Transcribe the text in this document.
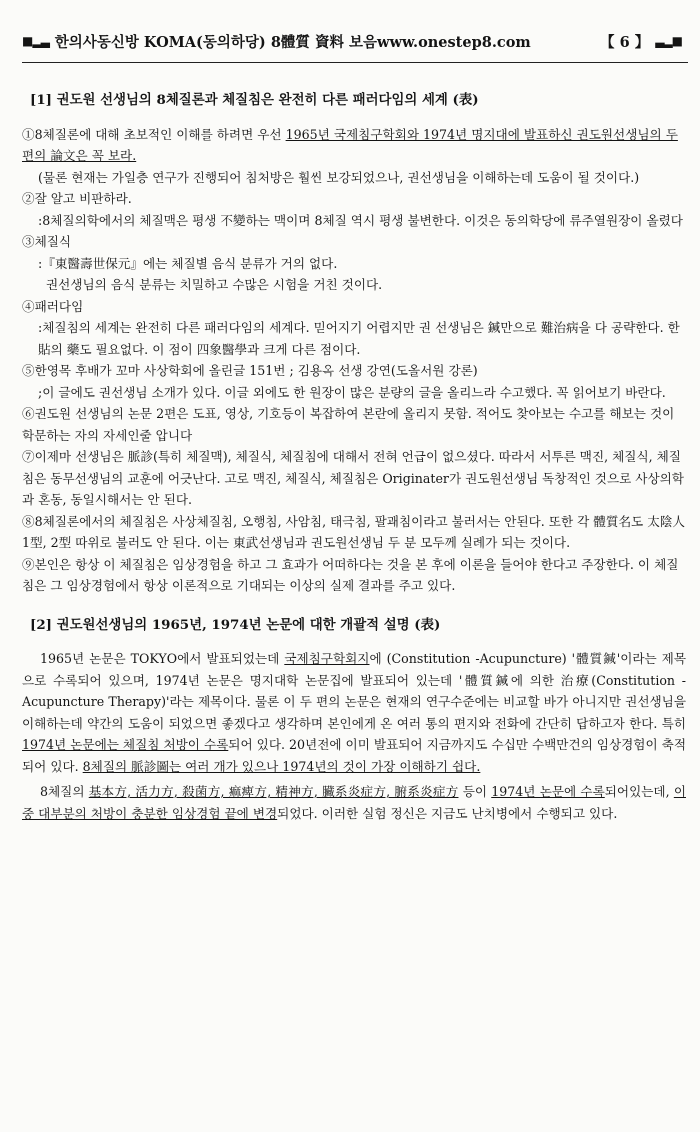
■▂▃ 한의사동신방 KOMA(동의하당) 8體質 資料 보음www.onestep8.com	【 6 】 ▃▂■
[1] 권도원 선생님의 8체질론과 체질침은 완전히 다른 패러다임의 세계 (表)
①8체질론에 대해 초보적인 이해를 하려면 우선 1965년 국제침구학회와 1974년 명지대에 발표하신 권도원선생님의 두 편의 論文은 꼭 보라.
(물론 현재는 가일층 연구가 진행되어 침처방은 훨씬 보강되었으나, 권선생님을 이해하는데 도움이 될 것이다.)
②잘 알고 비판하라.
:8체질의학에서의 체질맥은 평생 不變하는 맥이며 8체질 역시 평생 불변한다. 이것은 동의학당에 류주열원장이 올렸다
③체질식
:『東醫壽世保元』에는 체질별 음식 분류가 거의 없다.
권선생님의 음식 분류는 치밀하고 수많은 시험을 거친 것이다.
④패러다임
:체질침의 세계는 완전히 다른 패러다임의 세계다. 믿어지기 어렵지만 권 선생님은 鍼만으로 難治病을 다 공략한다. 한 貼의 藥도 필요없다. 이 점이 四象醫學과 크게 다른 점이다.
⑤한영목 후배가 꼬마 사상학회에 올린글 151번 ; 김용옥 선생 강연(도올서원 강론)
;이 글에도 권선생님 소개가 있다. 이글 외에도 한 원장이 많은 분량의 글을 올리느라 수고했다. 꼭 읽어보기 바란다.
⑥권도원 선생님의 논문 2편은 도표, 영상, 기호등이 복잡하여 본란에 올리지 못함. 적어도 찾아보는 수고를 해보는 것이 학문하는 자의 자세인줄 압니다
⑦이제마 선생님은 脈診(특히 체질맥), 체질식, 체질침에 대해서 전혀 언급이 없으셨다. 따라서 서투른 맥진, 체질식, 체질침은 동무선생님의 교훈에 어긋난다. 고로 맥진, 체질식, 체질침은 Originater가 권도원선생님 독창적인 것으로 사상의학과 혼동, 동일시해서는 안 된다.
⑧8체질론에서의 체질침은 사상체질침, 오행침, 사암침, 태극침, 팔괘침이라고 불러서는 안된다. 또한 각 體質名도 太陰人 1型, 2型 따위로 불러도 안 된다. 이는 東武선생님과 권도원선생님 두 분 모두께 실례가 되는 것이다.
⑨본인은 항상 이 체질침은 임상경험을 하고 그 효과가 어떠하다는 것을 본 후에 이론을 들어야 한다고 주장한다. 이 체질침은 그 임상경험에서 항상 이론적으로 기대되는 이상의 실제 결과를 주고 있다.
[2] 권도원선생님의 1965년, 1974년 논문에 대한 개괄적 설명 (表)

1965년 논문은 TOKYO에서 발표되었는데 국제침구학회지에 (Constitution -Acupuncture) '體質鍼'이라는 제목으로 수록되어 있으며, 1974년 논문은 명지대학 논문집에 발표되어 있는데 '體質鍼에 의한 治療(Constitution - Acupuncture Therapy)'라는 제목이다. 물론 이 두 편의 논문은 현재의 연구수준에는 비교할 바가 아니지만 권선생님을 이해하는데 약간의 도움이 되었으면 좋겠다고 생각하며 본인에게 온 여러 통의 편지와 전화에 간단히 답하고자 한다. 특히 1974년 논문에는 체질침 처방이 수록되어 있다. 20년전에 이미 발표되어 지금까지도 수십만 수백만건의 임상경험이 축적되어 있다. 8체질의 脈診圖는 여러 개가 있으나 1974년의 것이 가장 이해하기 쉽다.

8체질의 基本方, 活力方, 殺菌方, 痲痺方, 精神方, 臟系炎症方, 腑系炎症方 등이 1974년 논문에 수록되어있는데, 이중 대부분의 처방이 충분한 임상경험 끝에 변경되었다. 이러한 실험 정신은 지금도 난치병에서 수행되고 있다.
